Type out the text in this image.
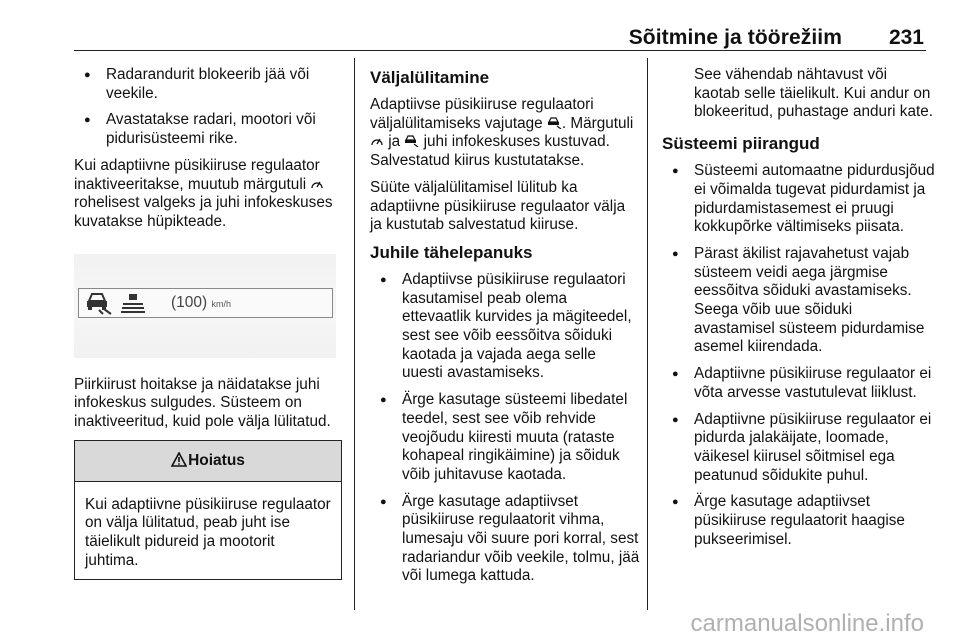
Sõitmine ja töörežiim 231
● Radarandurit blokeerib jää või veekile.
● Avastatakse radari, mootori või pidurisüsteemi rike.

Kui adaptiivne püsikiiruse regulaator inaktiveeritakse, muutub märgutuli  rohelisest valgeks ja juhi infokeskuses kuvatakse hüpikteade.

(100) km/h

Piirkiirust hoitakse ja näidatakse juhi infokeskus sulgudes. Süsteem on inaktiveeritud, kuid pole välja lülitatud.

Hoiatus
Kui adaptiivne püsikiiruse regulaator on välja lülitatud, peab juht ise täielikult pidureid ja mootorit juhtima.
Väljalülitamine

Adaptiivse püsikiiruse regulaatori väljalülitamiseks vajutage . Märgutuli  ja juhi infokeskuses kustuvad. Salvestatud kiirus kustutatakse.

Süüte väljalülitamisel lülitub ka adaptiivne püsikiiruse regulaator välja ja kustutab salvestatud kiiruse.

Juhile tähelepanuks
● Adaptiivse püsikiiruse regulaatori kasutamisel peab olema ettevaatlik kurvides ja mägiteedel, sest see võib eessõitva sõiduki kaotada ja vajada aega selle uuesti avastamiseks.
● Ärge kasutage süsteemi libedatel teedel, sest see võib rehvide veojõudu kiiresti muuta (rataste kohapeal ringikäimine) ja sõiduk võib juhitavuse kaotada.
● Ärge kasutage adaptiivset püsikiiruse regulaatorit vihma, lumesaju või suure pori korral, sest radariandur võib veekile, tolmu, jää või lumega kattuda.

See vähendab nähtavust või kaotab selle täielikult. Kui andur on blokeeritud, puhastage anduri kate.

Süsteemi piirangud
● Süsteemi automaatne pidurdusjõud ei võimalda tugevat pidurdamist ja pidurdamistasemest ei pruugi kokkupõrke vältimiseks piisata.
● Pärast äkilist rajavahetust vajab süsteem veidi aega järgmise eessõitva sõiduki avastamiseks. Seega võib uue sõiduki avastamisel süsteem pidurdamise asemel kiirendada.
● Adaptiivne püsikiiruse regulaator ei võta arvesse vastutulevat liiklust.
● Adaptiivne püsikiiruse regulaator ei pidurda jalakäijate, loomade, väikesel kiirusel sõitmisel ega peatunud sõidukite puhul.
● Ärge kasutage adaptiivset püsikiiruse regulaatorit haagise pukseerimisel.
carmanualsonline.info
